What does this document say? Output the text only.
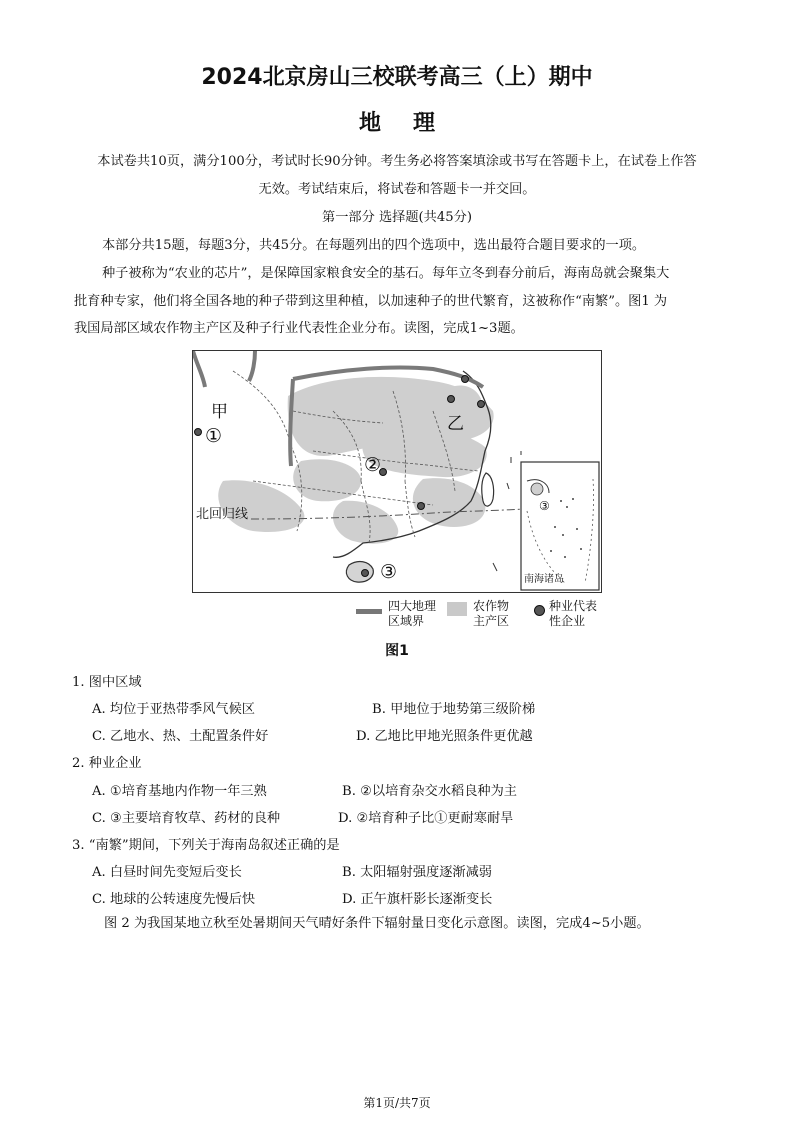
2024北京房山三校联考高三（上）期中
地理
本试卷共10页，满分100分，考试时长90分钟。考生务必将答案填涂或书写在答题卡上，在试卷上作答
无效。考试结束后，将试卷和答题卡一并交回。
第一部分 选择题(共45分)
本部分共15题，每题3分，共45分。在每题列出的四个选项中，选出最符合题目要求的一项。
种子被称为“农业的芯片”，是保障国家粮食安全的基石。每年立冬到春分前后，海南岛就会聚集大
批育种专家，他们将全国各地的种子带到这里种植，以加速种子的世代繁育，这被称作“南繁”。图1 为
我国局部区域农作物主产区及种子行业代表性企业分布。读图，完成1~3题。
北回归线
甲
乙
①
②
③
③
南海诸岛
四大地理区域界
农作物主产区
种业代表性企业
图1
1. 图中区域
A. 均位于亚热带季风气候区	B. 甲地位于地势第三级阶梯
C. 乙地水、热、土配置条件好	D. 乙地比甲地光照条件更优越
2. 种业企业
A. ①培育基地内作物一年三熟	B. ②以培育杂交水稻良种为主
C. ③主要培育牧草、药材的良种	D. ②培育种子比①更耐寒耐旱
3. “南繁”期间，下列关于海南岛叙述正确的是
A. 白昼时间先变短后变长	B. 太阳辐射强度逐渐减弱
C. 地球的公转速度先慢后快	D. 正午旗杆影长逐渐变长
图 2 为我国某地立秋至处暑期间天气晴好条件下辐射量日变化示意图。读图，完成4~5小题。
第1页/共7页
